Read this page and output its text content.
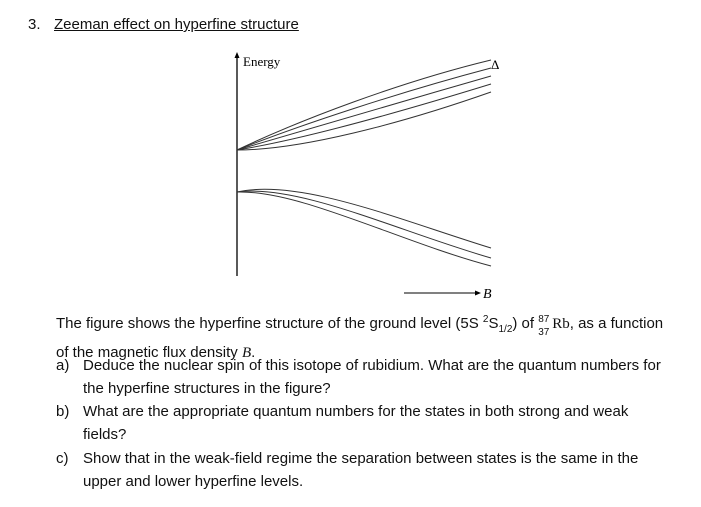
3. Zeeman effect on hyperfine structure
Energy	Δ
B
The figure shows the hyperfine structure of the ground level (5S $^2S_{1/2}$) of 87
37
Rb, as a function
of the magnetic flux density B.
a) Deduce the nuclear spin of this isotope of rubidium. What are the quantum numbers for
the hyperfine structures in the figure?
b) What are the appropriate quantum numbers for the states in both strong and weak
fields?
c) Show that in the weak-field regime the separation between states is the same in the
upper and lower hyperfine levels.
